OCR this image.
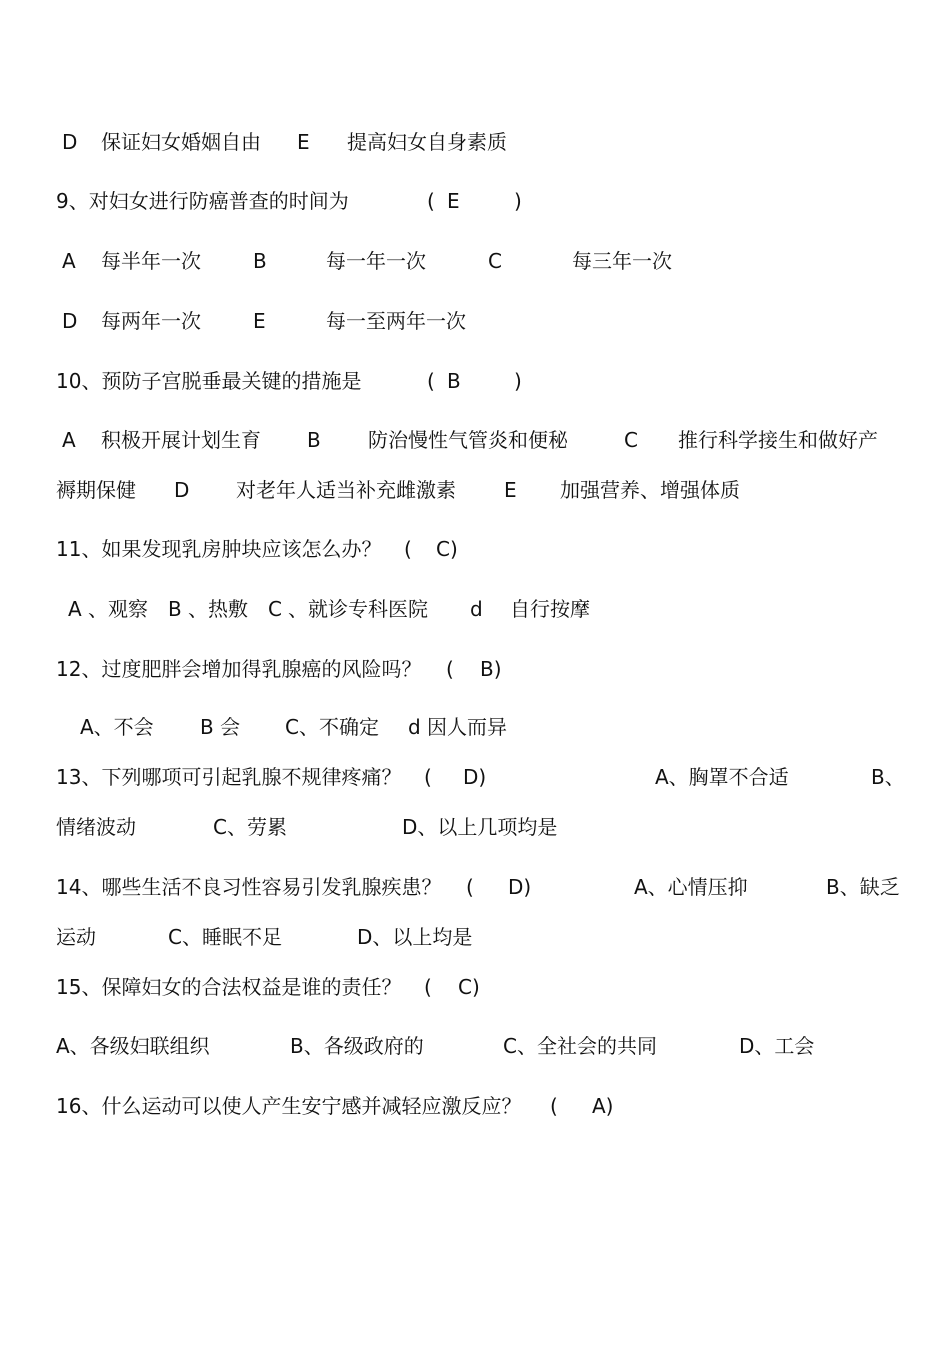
D 保证妇女婚姻自由 E 提高妇女自身素质
9、对妇女进行防癌普查的时间为	( E	)
A 每半年一次	B	每一年一次	C	每三年一次
D 每两年一次	E	每一至两年一次
10、预防子宫脱垂最关键的措施是	( B	)
A 积极开展计划生育 B 防治慢性气管炎和便秘	C 推行科学接生和做好产
褥期保健 D 对老年人适当补充雌激素 E 加强营养、增强体质
11、如果发现乳房肿块应该怎么办？ ( C)
A 、观察 B 、热敷 C 、就诊专科医院 d 自行按摩
12、过度肥胖会增加得乳腺癌的风险吗？ ( B)
A、不会 B 会 C、不确定 d 因人而异
13、下列哪项可引起乳腺不规律疼痛？ ( D)	A、胸罩不合适	B、
情绪波动	C、劳累	D、以上几项均是
14、哪些生活不良习性容易引发乳腺疾患？ ( D)	A、心情压抑	B、缺乏
运动	C、睡眠不足	D、以上均是
15、保障妇女的合法权益是谁的责任？ ( C)
A、各级妇联组织	B、各级政府的	C、全社会的共同	D、工会
16、什么运动可以使人产生安宁感并减轻应激反应？ ( A)
